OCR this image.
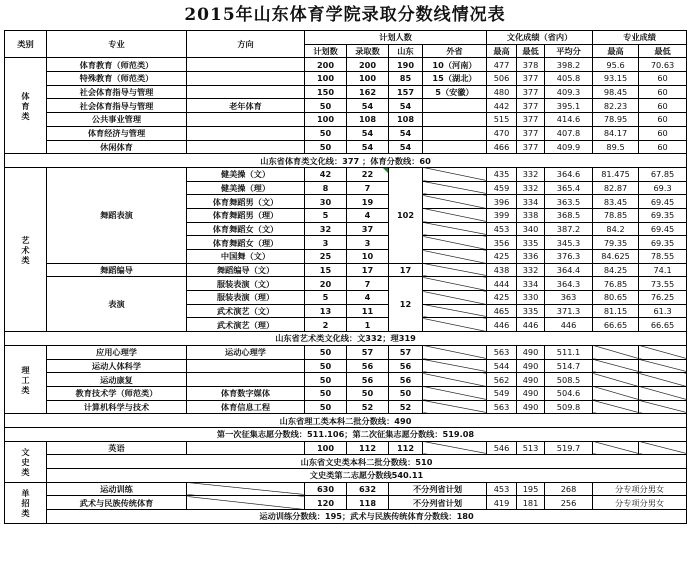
2015年山东体育学院录取分数线情况表
类别	专业	方向	计划人数				文化成绩（省内）			专业成绩	
			计划数	录取数	山东	外省	最高	最低	平均分	最高	最低

体育类	体育教育（师范类）		200	200	190	10（河南）	477	378	398.2	95.6	70.63
	特殊教育（师范类）		100	100	85	15（湖北）	506	377	405.8	93.15	60
	社会体育指导与管理		150	162	157	5（安徽）	480	377	409.3	98.45	60
	社会体育指导与管理	老年体育	50	54	54		442	377	395.1	82.23	60
	公共事业管理		100	108	108		515	377	414.6	78.95	60
	体育经济与管理		50	54	54		470	377	407.8	84.17	60
	休闲体育		50	54	54		466	377	409.9	89.5	60
山东省体育类文化线：377 ；体育分数线：60											

艺术类	舞蹈表演	健美操（文）	42	22	102		435	332	364.6	81.475	67.85
		健美操（理）	8	7			459	332	365.4	82.87	69.3
		体育舞蹈男（文）	30	19			396	334	363.5	83.45	69.45
		体育舞蹈男（理）	5	4			399	338	368.5	78.85	69.35
		体育舞蹈女（文）	32	37			453	340	387.2	84.2	69.45
		体育舞蹈女（理）	3	3			356	335	345.3	79.35	69.35
		中国舞（文）	25	10			425	336	376.3	84.625	78.55
	舞蹈编导	舞蹈编导（文）	15	17	17		438	332	364.4	84.25	74.1
	表演	服装表演（文）	20	7	12		444	334	364.3	76.85	73.55
		服装表演（理）	5	4			425	330	363	80.65	76.25
		武术演艺（文）	13	11			465	335	371.3	81.15	61.3
		武术演艺（理）	2	1			446	446	446	66.65	66.65
山东省艺术类文化线：文332；理319											

理工类	应用心理学	运动心理学	50	57	57		563	490	511.1		
	运动人体科学		50	56	56		544	490	514.7		
	运动康复		50	56	56		562	490	508.5		
	教育技术学（师范类）	体育数字媒体	50	50	50		549	490	504.6		
	计算机科学与技术	体育信息工程	50	52	52		563	490	509.8		
山东省理工类本科二批分数线：490											
第一次征集志愿分数线：511.106；第二次征集志愿分数线：519.08											

文史类	英语		100	112	112		546	513	519.7		
	山东省文史类本科二批分数线：510										
	文史类第二志愿分数线540.11										

单招类	运动训练		630	632	不分列省计划		453	195	268	分专项分男女	
	武术与民族传统体育		120	118	不分列省计划		419	181	256	分专项分男女	
	运动训练分数线：195；武术与民族传统体育分数线：180										
